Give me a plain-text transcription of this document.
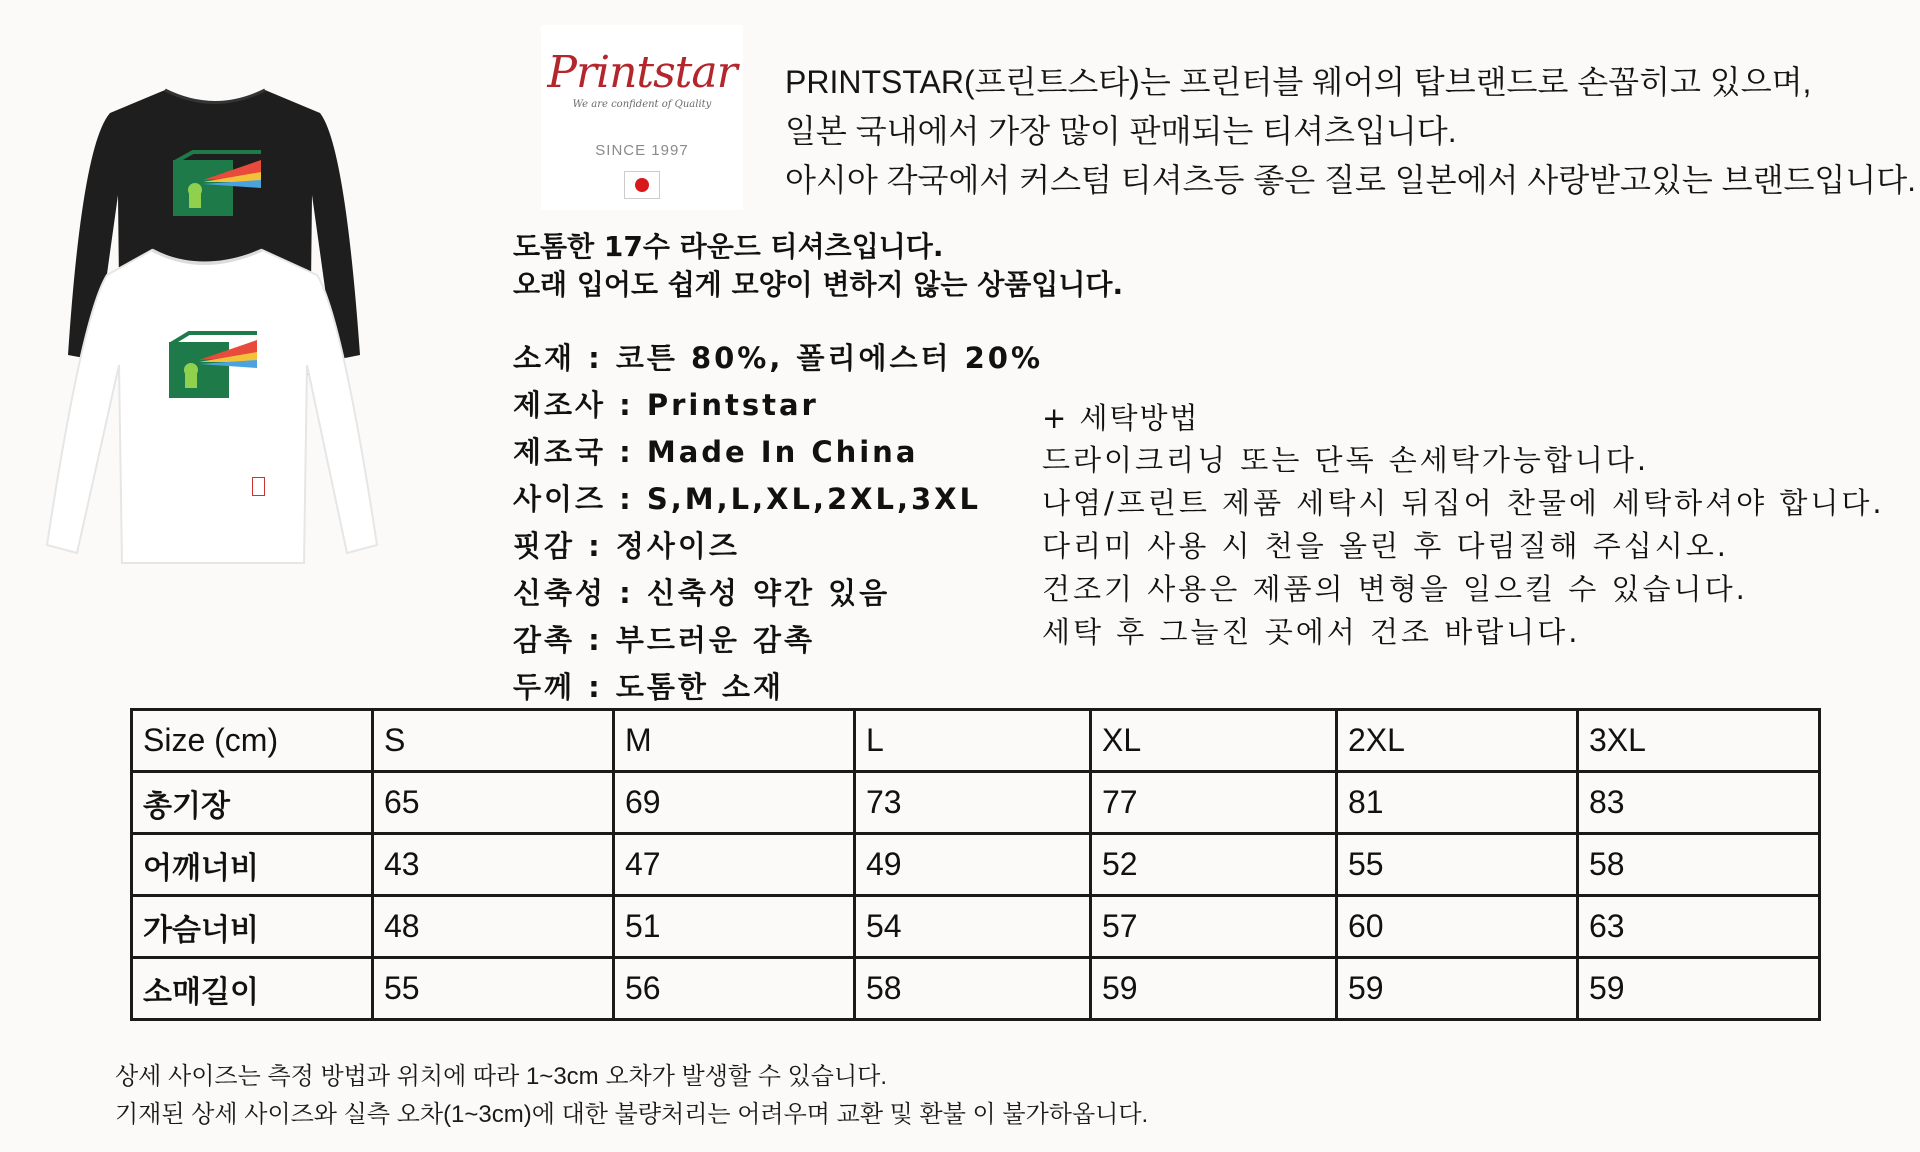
Printstar
We are confident of Quality
SINCE 1997
PRINTSTAR(프린트스타)는 프린터블 웨어의 탑브랜드로 손꼽히고 있으며,
일본 국내에서 가장 많이 판매되는 티셔츠입니다.
아시아 각국에서 커스텀 티셔츠등 좋은 질로 일본에서 사랑받고있는 브랜드입니다.
도톰한 17수 라운드 티셔츠입니다.
오래 입어도 쉽게 모양이 변하지 않는 상품입니다.
소재 : 코튼 80%, 폴리에스터 20%
제조사 : Printstar
제조국 : Made In China
사이즈 : S,M,L,XL,2XL,3XL
핏감 : 정사이즈
신축성 : 신축성 약간 있음
감촉 : 부드러운 감촉
두께 : 도톰한 소재
+ 세탁방법
드라이크리닝 또는 단독 손세탁가능합니다.
나염/프린트 제품 세탁시 뒤집어 찬물에 세탁하셔야 합니다.
다리미 사용 시 천을 올린 후 다림질해 주십시오.
건조기 사용은 제품의 변형을 일으킬 수 있습니다.
세탁 후 그늘진 곳에서 건조 바랍니다.
Size (cm)	S	M	L	XL	2XL	3XL
총기장	65	69	73	77	81	83
어깨너비	43	47	49	52	55	58
가슴너비	48	51	54	57	60	63
소매길이	55	56	58	59	59	59
상세 사이즈는 측정 방법과 위치에 따라 1~3cm 오차가 발생할 수 있습니다.
기재된 상세 사이즈와 실측 오차(1~3cm)에 대한 불량처리는 어려우며 교환 및 환불 이 불가하옵니다.
